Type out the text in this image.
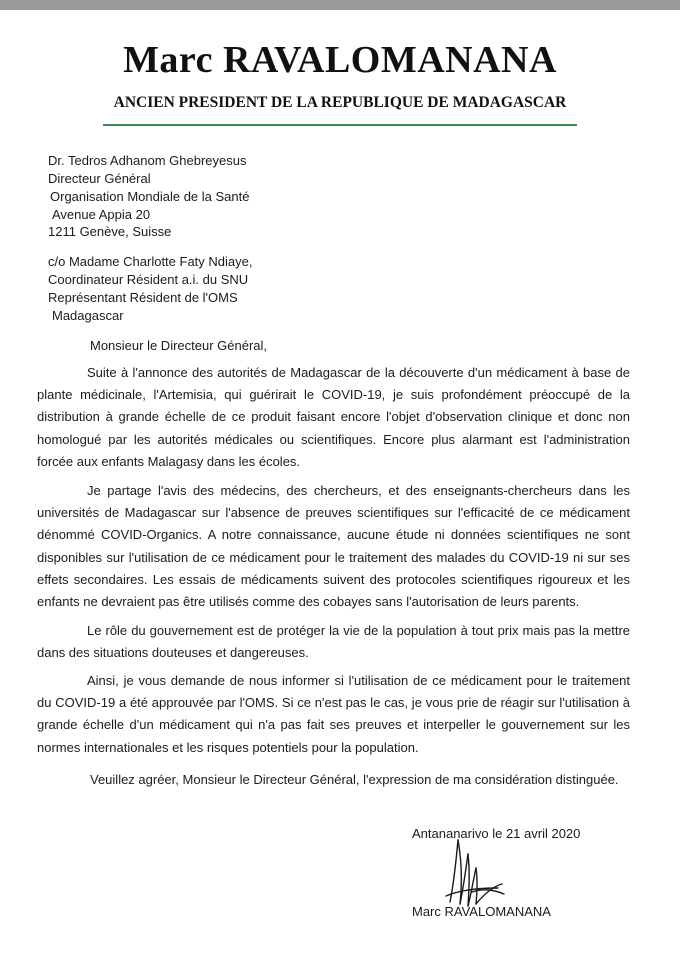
Marc RAVALOMANANA
ANCIEN PRESIDENT DE LA REPUBLIQUE DE MADAGASCAR
Dr. Tedros Adhanom Ghebreyesus
Directeur Général
Organisation Mondiale de la Santé
Avenue Appia 20
1211 Genève, Suisse
c/o Madame Charlotte Faty Ndiaye,
Coordinateur Résident a.i. du SNU
Représentant Résident de l'OMS
Madagascar
Monsieur le Directeur Général,
Suite à l'annonce des autorités de Madagascar de la découverte d'un médicament à base de plante médicinale, l'Artemisia, qui guérirait le COVID-19, je suis profondément préoccupé de la distribution à grande échelle de ce produit faisant encore l'objet d'observation clinique et donc non homologué par les autorités médicales ou scientifiques. Encore plus alarmant est l'administration forcée aux enfants Malagasy dans les écoles.
Je partage l'avis des médecins, des chercheurs, et des enseignants-chercheurs dans les universités de Madagascar sur l'absence de preuves scientifiques sur l'efficacité de ce médicament dénommé COVID-Organics. A notre connaissance, aucune étude ni données scientifiques ne sont disponibles sur l'utilisation de ce médicament pour le traitement des malades du COVID-19 ni sur ses effets secondaires. Les essais de médicaments suivent des protocoles scientifiques rigoureux et les enfants ne devraient pas être utilisés comme des cobayes sans l'autorisation de leurs parents.
Le rôle du gouvernement est de protéger la vie de la population à tout prix mais pas la mettre dans des situations douteuses et dangereuses.
Ainsi, je vous demande de nous informer si l'utilisation de ce médicament pour le traitement du COVID-19 a été approuvée par l'OMS. Si ce n'est pas le cas, je vous prie de réagir sur l'utilisation à grande échelle d'un médicament qui n'a pas fait ses preuves et interpeller le gouvernement sur les normes internationales et les risques potentiels pour la population.
Veuillez agréer, Monsieur le Directeur Général, l'expression de ma considération distinguée.
Antananarivo le 21 avril 2020
Marc RAVALOMANANA
